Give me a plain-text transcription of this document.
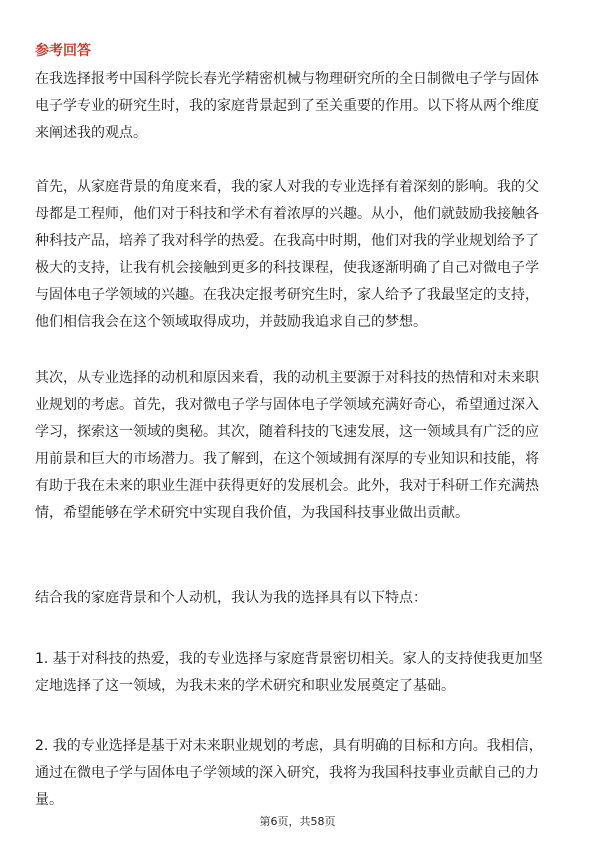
参考回答
在我选择报考中国科学院长春光学精密机械与物理研究所的全日制微电子学与固体
电子学专业的研究生时，我的家庭背景起到了至关重要的作用。以下将从两个维度
来阐述我的观点。
首先，从家庭背景的角度来看，我的家人对我的专业选择有着深刻的影响。我的父
母都是工程师，他们对于科技和学术有着浓厚的兴趣。从小，他们就鼓励我接触各
种科技产品，培养了我对科学的热爱。在我高中时期，他们对我的学业规划给予了
极大的支持，让我有机会接触到更多的科技课程，使我逐渐明确了自己对微电子学
与固体电子学领域的兴趣。在我决定报考研究生时，家人给予了我最坚定的支持，
他们相信我会在这个领域取得成功，并鼓励我追求自己的梦想。
其次，从专业选择的动机和原因来看，我的动机主要源于对科技的热情和对未来职
业规划的考虑。首先，我对微电子学与固体电子学领域充满好奇心，希望通过深入
学习，探索这一领域的奥秘。其次，随着科技的飞速发展，这一领域具有广泛的应
用前景和巨大的市场潜力。我了解到，在这个领域拥有深厚的专业知识和技能，将
有助于我在未来的职业生涯中获得更好的发展机会。此外，我对于科研工作充满热
情，希望能够在学术研究中实现自我价值，为我国科技事业做出贡献。
结合我的家庭背景和个人动机，我认为我的选择具有以下特点：
1. 基于对科技的热爱，我的专业选择与家庭背景密切相关。家人的支持使我更加坚
定地选择了这一领域，为我未来的学术研究和职业发展奠定了基础。
2. 我的专业选择是基于对未来职业规划的考虑，具有明确的目标和方向。我相信，
通过在微电子学与固体电子学领域的深入研究，我将为我国科技事业贡献自己的力
量。
第6页，共58页
